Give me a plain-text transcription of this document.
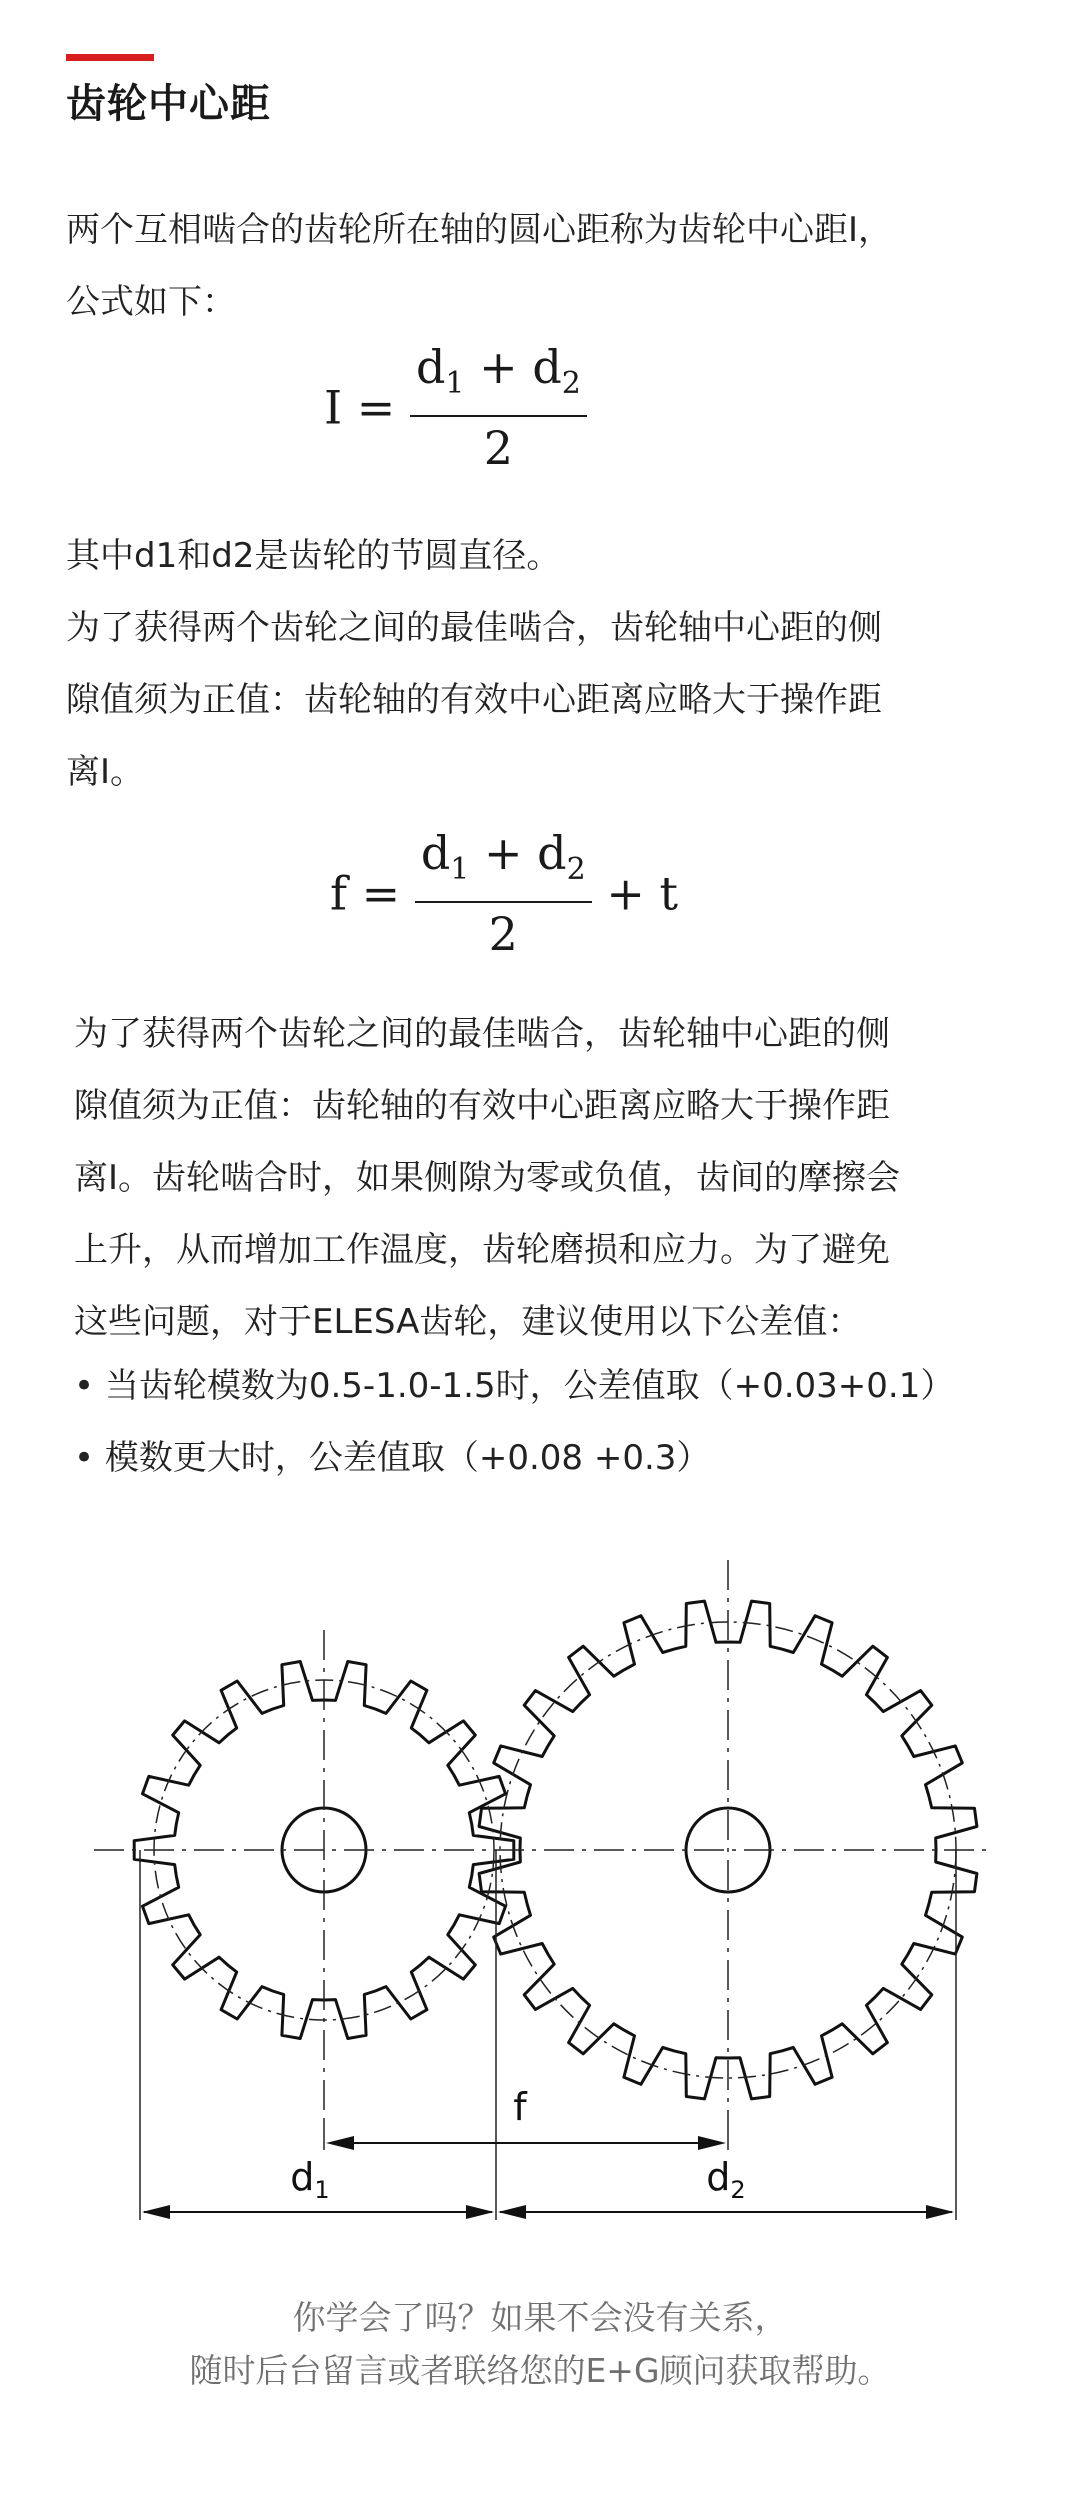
齿轮中心距
两个互相啮合的齿轮所在轴的圆心距称为齿轮中心距I，
公式如下：
$I = \frac{d_1 + d_2}{2}$
其中d1和d2是齿轮的节圆直径。
为了获得两个齿轮之间的最佳啮合，齿轮轴中心距的侧
隙值须为正值：齿轮轴的有效中心距离应略大于操作距
离I。
$f = \frac{d_1 + d_2}{2} + t$
为了获得两个齿轮之间的最佳啮合，齿轮轴中心距的侧
隙值须为正值：齿轮轴的有效中心距离应略大于操作距
离I。齿轮啮合时，如果侧隙为零或负值，齿间的摩擦会
上升，从而增加工作温度，齿轮磨损和应力。为了避免
这些问题，对于ELESA齿轮，建议使用以下公差值：
• 当齿轮模数为0.5-1.0-1.5时，公差值取（+0.03+0.1）
• 模数更大时，公差值取（+0.08 +0.3）
f
$d_1$	$d_2$
你学会了吗？如果不会没有关系，
随时后台留言或者联络您的E+G顾问获取帮助。
